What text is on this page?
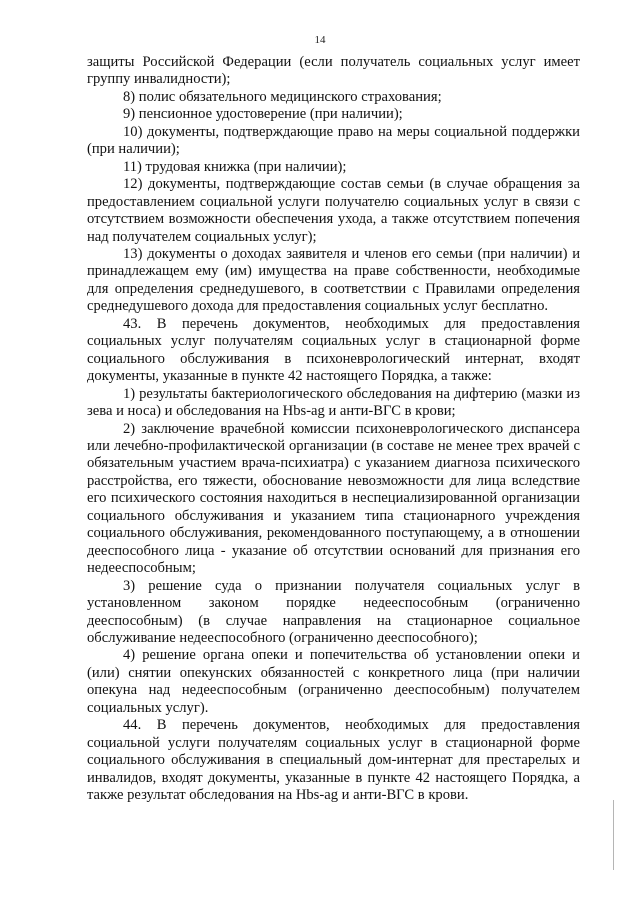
14

защиты Российской Федерации (если получатель социальных услуг имеет группу инвалидности);

8) полис обязательного медицинского страхования;

9) пенсионное удостоверение (при наличии);

10) документы, подтверждающие право на меры социальной поддержки (при наличии);

11) трудовая книжка (при наличии);

12) документы, подтверждающие состав семьи (в случае обращения за предоставлением социальной услуги получателю социальных услуг в связи с отсутствием возможности обеспечения ухода, а также отсутствием попечения над получателем социальных услуг);

13) документы о доходах заявителя и членов его семьи (при наличии) и принадлежащем ему (им) имущества на праве собственности, необходимые для определения среднедушевого, в соответствии с Правилами определения среднедушевого дохода для предоставления социальных услуг бесплатно.

43. В перечень документов, необходимых для предоставления социальных услуг получателям социальных услуг в стационарной форме социального обслуживания в психоневрологический интернат, входят документы, указанные в пункте 42 настоящего Порядка, а также:

1) результаты бактериологического обследования на дифтерию (мазки из зева и носа) и обследования на Hbs-ag и анти-ВГС в крови;

2) заключение врачебной комиссии психоневрологического диспансера или лечебно-профилактической организации (в составе не менее трех врачей с обязательным участием врача-психиатра) с указанием диагноза психического расстройства, его тяжести, обоснование невозможности для лица вследствие его психического состояния находиться в неспециализированной организации социального обслуживания и указанием типа стационарного учреждения социального обслуживания, рекомендованного поступающему, а в отношении дееспособного лица - указание об отсутствии оснований для признания его недееспособным;

3) решение суда о признании получателя социальных услуг в установленном законом порядке недееспособным (ограниченно дееспособным) (в случае направления на стационарное социальное обслуживание недееспособного (ограниченно дееспособного);

4) решение органа опеки и попечительства об установлении опеки и (или) снятии опекунских обязанностей с конкретного лица (при наличии опекуна над недееспособным (ограниченно дееспособным) получателем социальных услуг).

44. В перечень документов, необходимых для предоставления социальной услуги получателям социальных услуг в стационарной форме социального обслуживания в специальный дом-интернат для престарелых и инвалидов, входят документы, указанные в пункте 42 настоящего Порядка, а также результат обследования на Hbs-ag и анти-ВГС в крови.
